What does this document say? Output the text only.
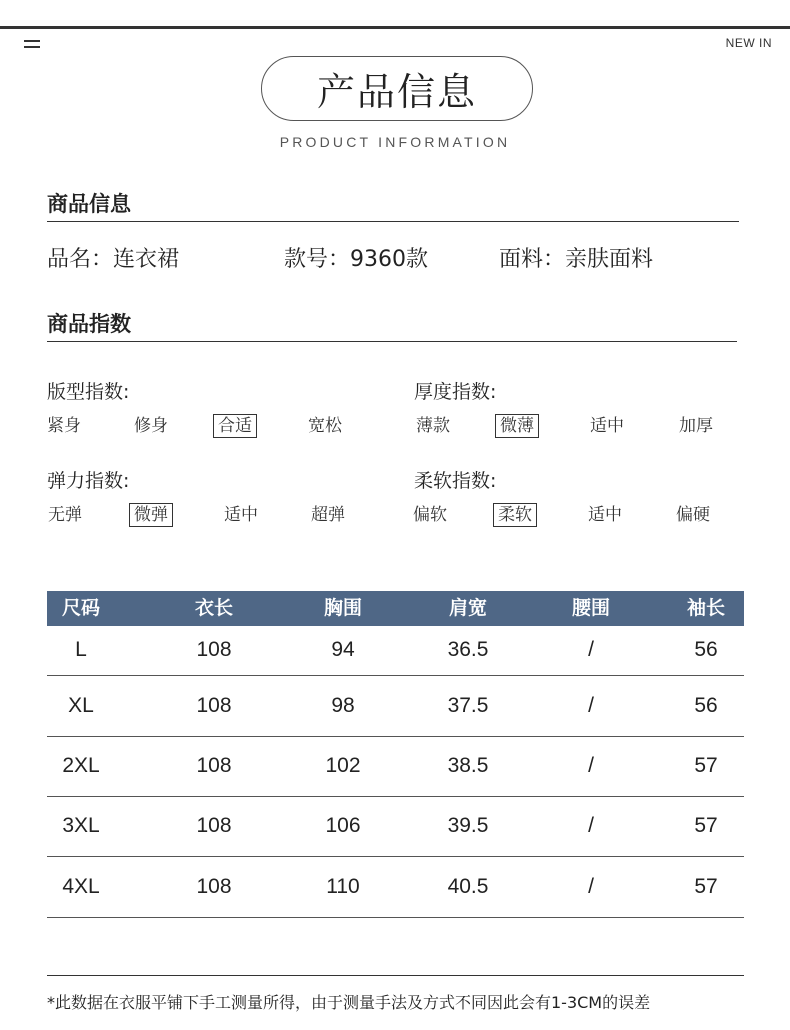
NEW IN
产品信息
PRODUCT INFORMATION
商品信息
品名：连衣裙	款号：9360款	面料：亲肤面料
商品指数
版型指数:	厚度指数:
弹力指数:	柔软指数:
紧身	修身	合适	宽松	薄款	微薄	适中	加厚
无弹	微弹	适中	超弹	偏软	柔软	适中	偏硬
尺码	衣长	胸围	肩宽	腰围	袖长
L	108	94	36.5	/	56
XL	108	98	37.5	/	56
2XL	108	102	38.5	/	57
3XL	108	106	39.5	/	57
4XL	108	110	40.5	/	57
*此数据在衣服平铺下手工测量所得，由于测量手法及方式不同因此会有1-3CM的误差
